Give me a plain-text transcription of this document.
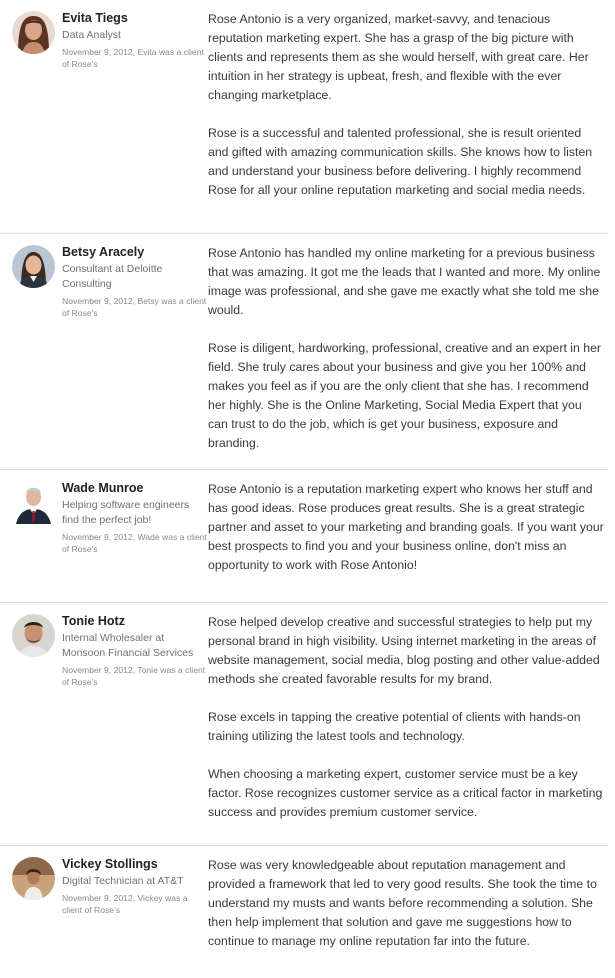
Evita Tiegs
Data Analyst
November 9, 2012, Evita was a client of Rose's

Rose Antonio is a very organized, market-savvy, and tenacious reputation marketing expert. She has a grasp of the big picture with clients and represents them as she would herself, with great care. Her intuition in her strategy is upbeat, fresh, and flexible with the ever changing marketplace.

Rose is a successful and talented professional, she is result oriented and gifted with amazing communication skills. She knows how to listen and understand your business before delivering. I highly recommend Rose for all your online reputation marketing and social media needs.

Betsy Aracely
Consultant at Deloitte Consulting
November 9, 2012, Betsy was a client of Rose's

Rose Antonio has handled my online marketing for a previous business that was amazing. It got me the leads that I wanted and more. My online image was professional, and she gave me exactly what she told me she would.

Rose is diligent, hardworking, professional, creative and an expert in her field. She truly cares about your business and give you her 100% and makes you feel as if you are the only client that she has. I recommend her highly. She is the Online Marketing, Social Media Expert that you can trust to do the job, which is get your business, exposure and branding.

Wade Munroe
Helping software engineers find the perfect job!
November 9, 2012, Wade was a client of Rose's

Rose Antonio is a reputation marketing expert who knows her stuff and has good ideas. Rose produces great results. She is a great strategic partner and asset to your marketing and branding goals. If you want your best prospects to find you and your business online, don't miss an opportunity to work with Rose Antonio!

Tonie Hotz
Internal Wholesaler at Monsoon Financial Services
November 9, 2012, Tonie was a client of Rose's

Rose helped develop creative and successful strategies to help put my personal brand in high visibility. Using internet marketing in the areas of website management, social media, blog posting and other value-added methods she created favorable results for my brand.

Rose excels in tapping the creative potential of clients with hands-on training utilizing the latest tools and technology.

When choosing a marketing expert, customer service must be a key factor. Rose recognizes customer service as a critical factor in marketing success and provides premium customer service.

Vickey Stollings
Digital Technician at AT&T
November 9, 2012, Vickey was a client of Rose's

Rose was very knowledgeable about reputation management and provided a framework that led to very good results. She took the time to understand my musts and wants before recommending a solution. She then help implement that solution and gave me suggestions how to continue to manage my online reputation far into the future.
